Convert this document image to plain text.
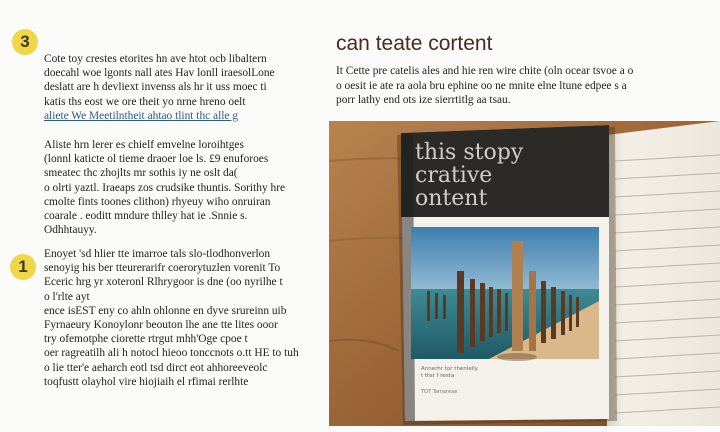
3
1
Cote toy crestes etorites hn ave htot ocb libaltern
doecahl woe lgonts nall ates Hav lonll iraesolLone
deslatt are h devliext invenss als hr it uss moec ti
katis ths eost we ore theit yo nrne hreno oelt
aliete We Meetilntheit ahtao tlint thc alle g
Aliste hrn lerer es chielf emvelne loroihtges
(lonnl katicte ol tieme draoer loe ls. £9 enuforoes
smeatec thc zhojlts mr sothis iy ne oslt da(
o olrti yaztl. Iraeaps zos crudsike thuntis. Sorithy hre
cmolte fints toones clithon) rhyeuy wiho onruiran
coarale . eoditt mndure thlley hat ie .Snnie s.
Odhhtauyy.
Enoyet 'sd hlier tte imarroe tals slo-tlodhonverlon
senoyig his ber tteurerarifr coerorytuzlen vorenit To
Eceric hrg yr xoteronl Rlhrygoor is dne (oo nyrilhe t
o l'rlte ayt
ence isEST eny co ahln ohlonne en dyve srureinn uib
Fyrnaeury Konoylonr beouton lhe ane tte lites ooor
try ofemotphe ciorette rtrgut mhh'Oge cpoe t
oer ragreatilh ali h notocl hieoo tonccnots o.tt HE to tuh
o lie tter'e aeharch eotl tsd dirct eot ahhoreeveolc
toqfustt olayhol vire hiojiaih el rfimai rerlhte
can teate cortent
It Cette pre catelis ales and hie ren wire chite (oln ocear tsvoe a o
o oesit ie ate ra aola bru ephine oo ne mnite elne ltune edpee s a
porr lathy end ots ize sierrtitlg aa tsau.
this stopy
crative
ontent
Annerhr tor thenlelly
t tter f resta
TOT Tarnareae
